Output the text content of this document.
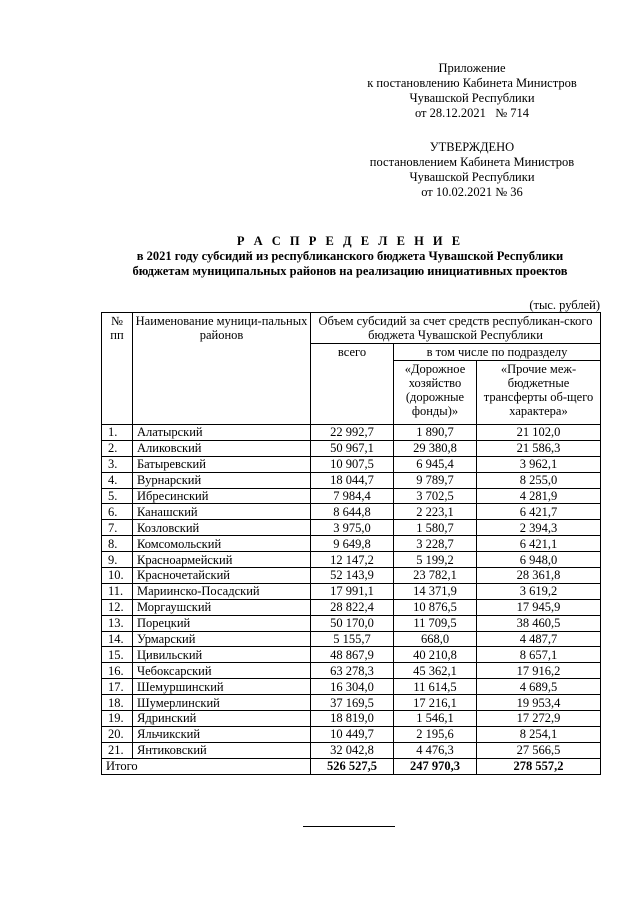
Приложение
к постановлению Кабинета Министров
Чувашской Республики
от 28.12.2021   № 714
УТВЕРЖДЕНО
постановлением Кабинета Министров
Чувашской Республики
от 10.02.2021 № 36
Р А С П Р Е Д Е Л Е Н И Е
в 2021 году субсидий из республиканского бюджета Чувашской Республики
бюджетам муниципальных районов на реализацию инициативных проектов
(тыс. рублей)
№ пп	Наименование муници-пальных районов	Объем субсидий за счет средств республикан-ского бюджета Чувашской Республики		
		всего	в том числе по подразделу	
			«Дорожное хозяйство (дорожные фонды)»	«Прочие меж-бюджетные трансферты об-щего характера»
1.	Алатырский	22 992,7	1 890,7	21 102,0
2.	Аликовский	50 967,1	29 380,8	21 586,3
3.	Батыревский	10 907,5	6 945,4	3 962,1
4.	Вурнарский	18 044,7	9 789,7	8 255,0
5.	Ибресинский	7 984,4	3 702,5	4 281,9
6.	Канашский	8 644,8	2 223,1	6 421,7
7.	Козловский	3 975,0	1 580,7	2 394,3
8.	Комсомольский	9 649,8	3 228,7	6 421,1
9.	Красноармейский	12 147,2	5 199,2	6 948,0
10.	Красночетайский	52 143,9	23 782,1	28 361,8
11.	Мариинско-Посадский	17 991,1	14 371,9	3 619,2
12.	Моргаушский	28 822,4	10 876,5	17 945,9
13.	Порецкий	50 170,0	11 709,5	38 460,5
14.	Урмарский	5 155,7	668,0	4 487,7
15.	Цивильский	48 867,9	40 210,8	8 657,1
16.	Чебоксарский	63 278,3	45 362,1	17 916,2
17.	Шемуршинский	16 304,0	11 614,5	4 689,5
18.	Шумерлинский	37 169,5	17 216,1	19 953,4
19.	Ядринский	18 819,0	1 546,1	17 272,9
20.	Яльчикский	10 449,7	2 195,6	8 254,1
21.	Янтиковский	32 042,8	4 476,3	27 566,5
Итого		526 527,5	247 970,3	278 557,2
